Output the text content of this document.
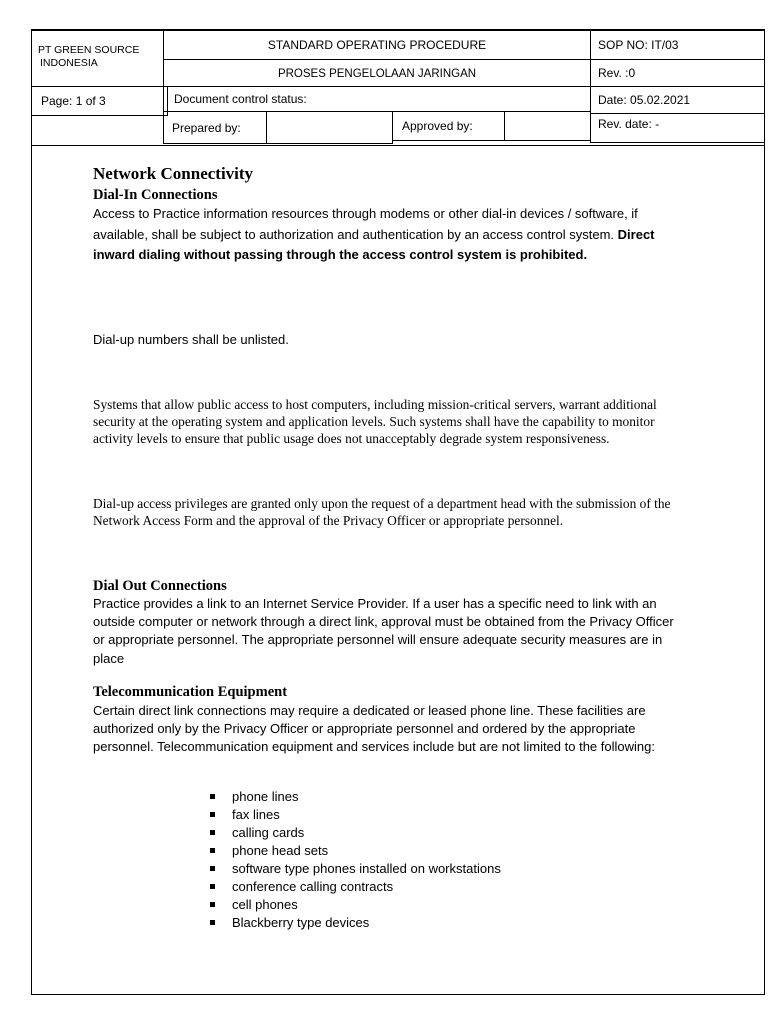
PT GREEN SOURCE
INDONESIA
STANDARD OPERATING PROCEDURE	SOP NO: IT/03
PROSES PENGELOLAAN JARINGAN	Rev. :0
Page: 1 of 3	Document control status:	Date: 05.02.2021
Prepared by:	Approved by:	Rev. date: -
Network Connectivity
Dial-In Connections
Access to Practice information resources through modems or other dial-in devices / software, if available, shall be subject to authorization and authentication by an access control system. Direct inward dialing without passing through the access control system is prohibited.
Dial-up numbers shall be unlisted.
Systems that allow public access to host computers, including mission-critical servers, warrant additional security at the operating system and application levels. Such systems shall have the capability to monitor activity levels to ensure that public usage does not unacceptably degrade system responsiveness.
Dial-up access privileges are granted only upon the request of a department head with the submission of the Network Access Form and the approval of the Privacy Officer or appropriate personnel.
Dial Out Connections
Practice provides a link to an Internet Service Provider. If a user has a specific need to link with an outside computer or network through a direct link, approval must be obtained from the Privacy Officer or appropriate personnel. The appropriate personnel will ensure adequate security measures are in place
Telecommunication Equipment
Certain direct link connections may require a dedicated or leased phone line. These facilities are authorized only by the Privacy Officer or appropriate personnel and ordered by the appropriate personnel. Telecommunication equipment and services include but are not limited to the following:
phone lines
fax lines
calling cards
phone head sets
software type phones installed on workstations
conference calling contracts
cell phones
Blackberry type devices
